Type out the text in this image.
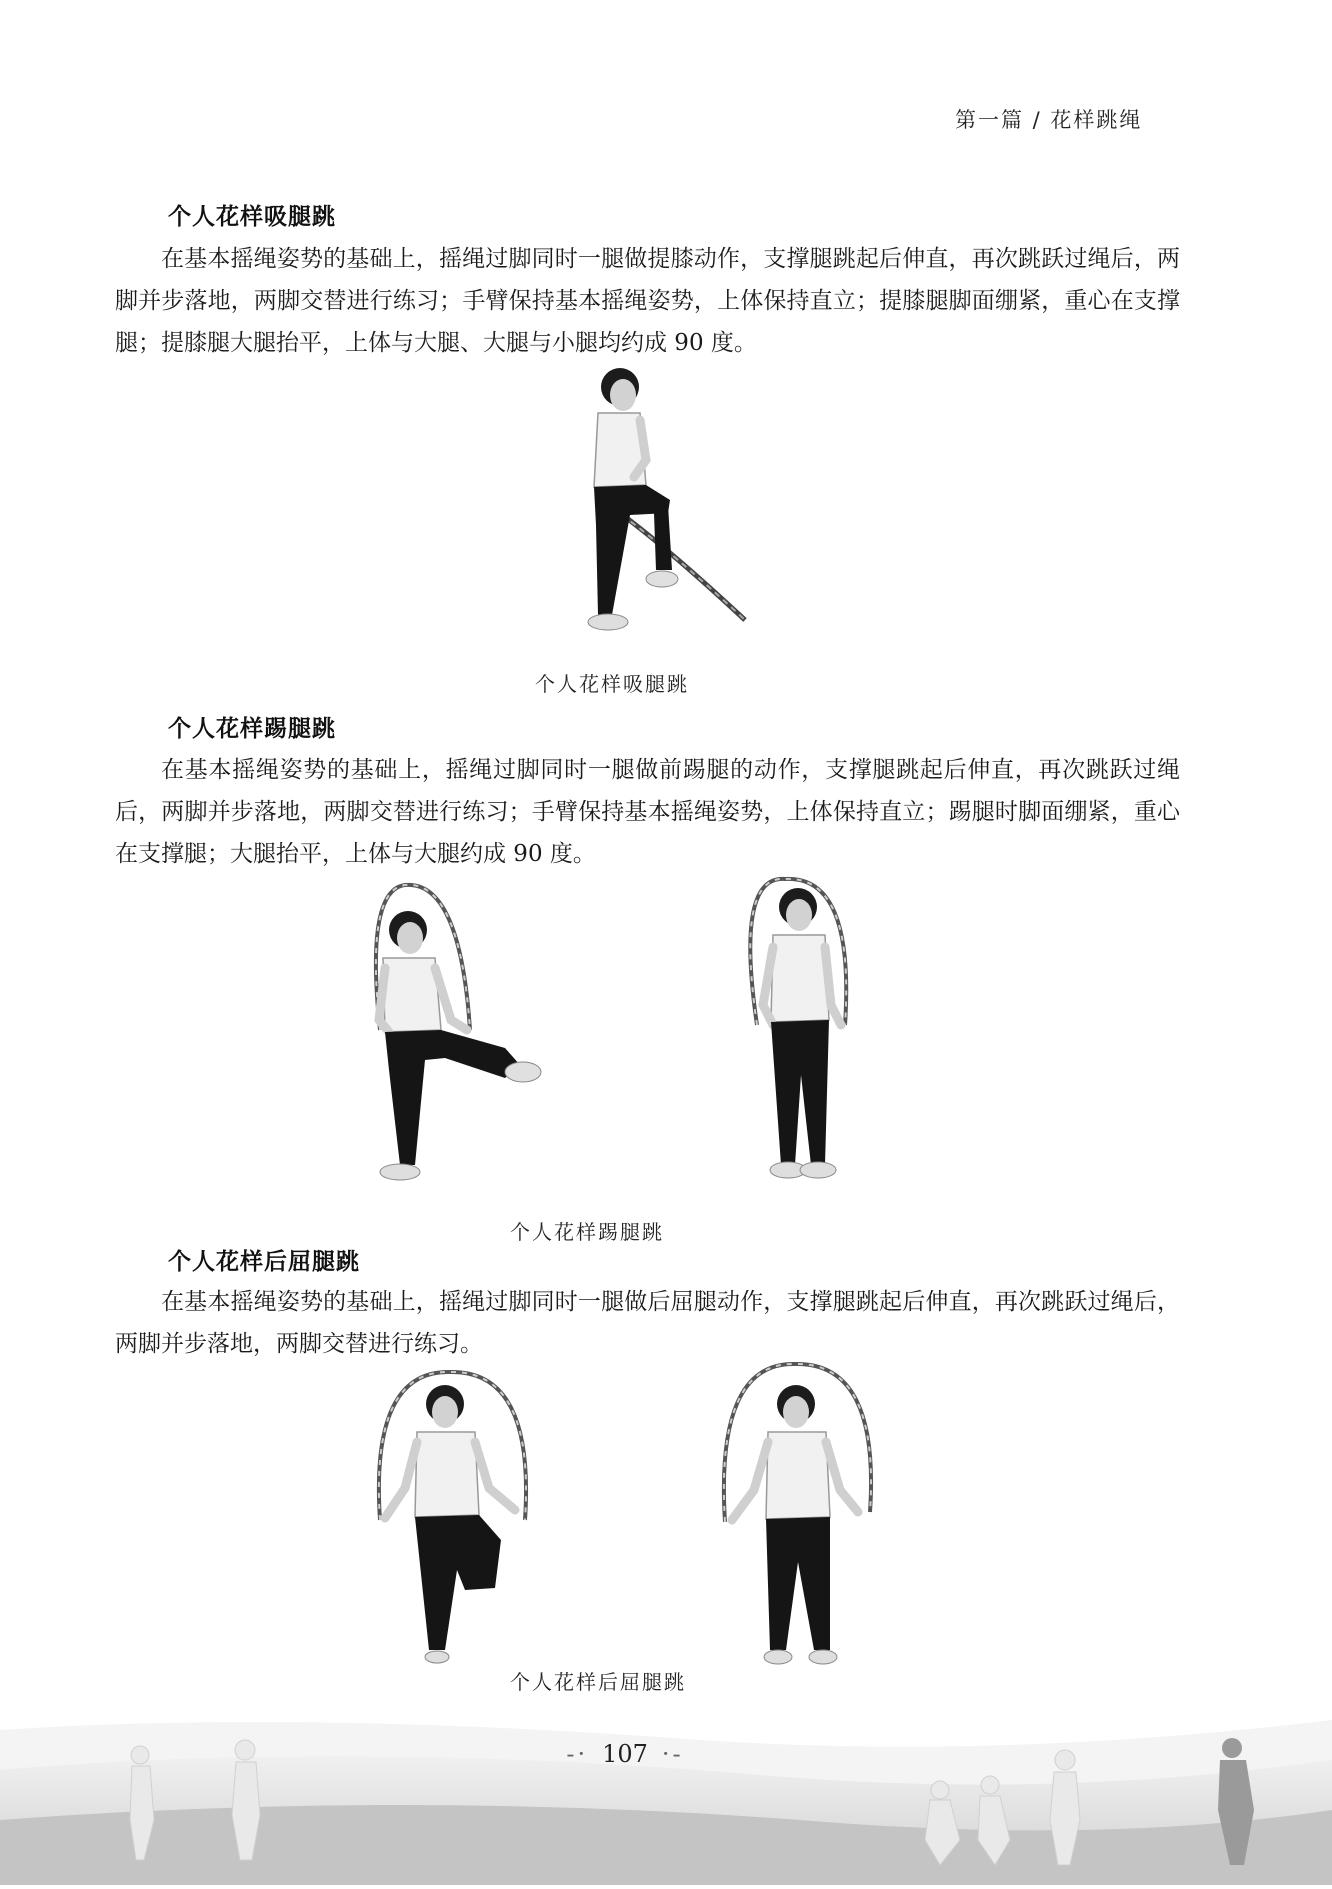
第一篇 / 花样跳绳
个人花样吸腿跳

在基本摇绳姿势的基础上，摇绳过脚同时一腿做提膝动作，支撑腿跳起后伸直，再次跳跃过绳后，两脚并步落地，两脚交替进行练习；手臂保持基本摇绳姿势，上体保持直立；提膝腿脚面绷紧，重心在支撑腿；提膝腿大腿抬平，上体与大腿、大腿与小腿均约成 90 度。

个人花样吸腿跳
个人花样踢腿跳

在基本摇绳姿势的基础上，摇绳过脚同时一腿做前踢腿的动作，支撑腿跳起后伸直，再次跳跃过绳后，两脚并步落地，两脚交替进行练习；手臂保持基本摇绳姿势，上体保持直立；踢腿时脚面绷紧，重心在支撑腿；大腿抬平，上体与大腿约成 90 度。

个人花样踢腿跳
个人花样后屈腿跳

在基本摇绳姿势的基础上，摇绳过脚同时一腿做后屈腿动作，支撑腿跳起后伸直，再次跳跃过绳后，两脚并步落地，两脚交替进行练习。

个人花样后屈腿跳
-· 107 ·-
